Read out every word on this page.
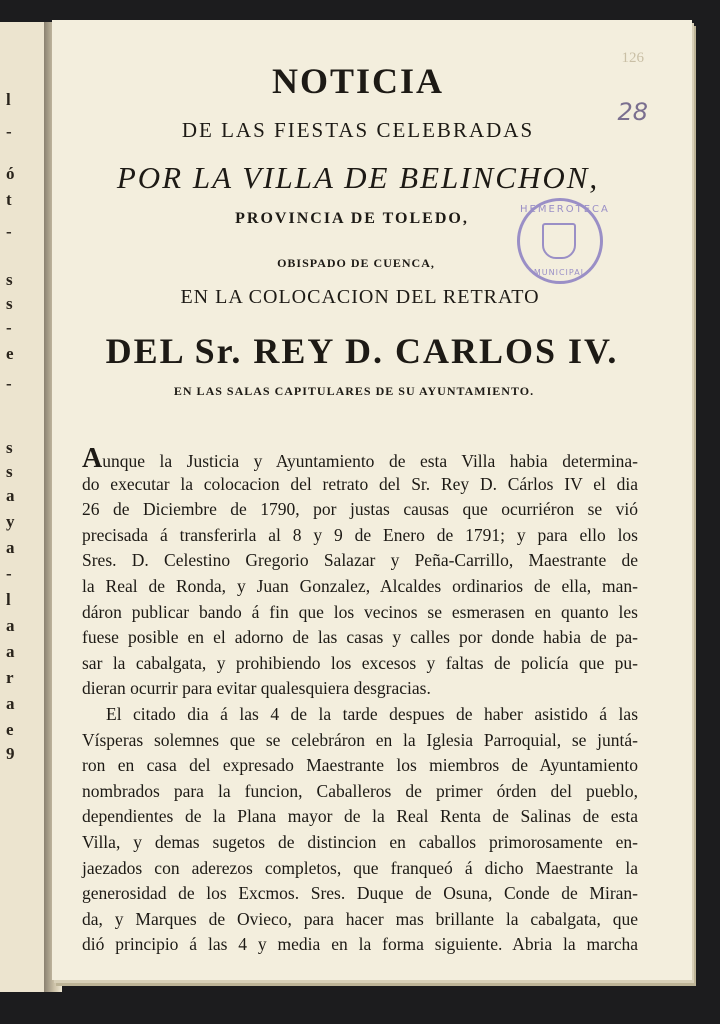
l
-
ó
t
-
s
s
-
e
-
s
s
a
y
a
-
l
a
a
r
a
e
9
126
28
HEMEROTECA
MUNICIPAL
NOTICIA
DE LAS FIESTAS CELEBRADAS
POR LA VILLA DE BELINCHON,
PROVINCIA DE TOLEDO,
OBISPADO DE CUENCA,
EN LA COLOCACION DEL RETRATO
DEL Sr. REY D. CARLOS IV.
EN LAS SALAS CAPITULARES DE SU AYUNTAMIENTO.
Aunque la Justicia y Ayuntamiento de esta Villa habia determina-
do executar la colocacion del retrato del Sr. Rey D. Cárlos IV el dia
26 de Diciembre de 1790, por justas causas que ocurriéron se vió
precisada á transferirla al 8 y 9 de Enero de 1791; y para ello los
Sres. D. Celestino Gregorio Salazar y Peña-Carrillo, Maestrante de
la Real de Ronda, y Juan Gonzalez, Alcaldes ordinarios de ella, man-
dáron publicar bando á fin que los vecinos se esmerasen en quanto les
fuese posible en el adorno de las casas y calles por donde habia de pa-
sar la cabalgata, y prohibiendo los excesos y faltas de policía que pu-
dieran ocurrir para evitar qualesquiera desgracias.
El citado dia á las 4 de la tarde despues de haber asistido á las
Vísperas solemnes que se celebráron en la Iglesia Parroquial, se juntá-
ron en casa del expresado Maestrante los miembros de Ayuntamiento
nombrados para la funcion, Caballeros de primer órden del pueblo,
dependientes de la Plana mayor de la Real Renta de Salinas de esta
Villa, y demas sugetos de distincion en caballos primorosamente en-
jaezados con aderezos completos, que franqueó á dicho Maestrante la
generosidad de los Excmos. Sres. Duque de Osuna, Conde de Miran-
da, y Marques de Ovieco, para hacer mas brillante la cabalgata, que
dió principio á las 4 y media en la forma siguiente. Abria la marcha
